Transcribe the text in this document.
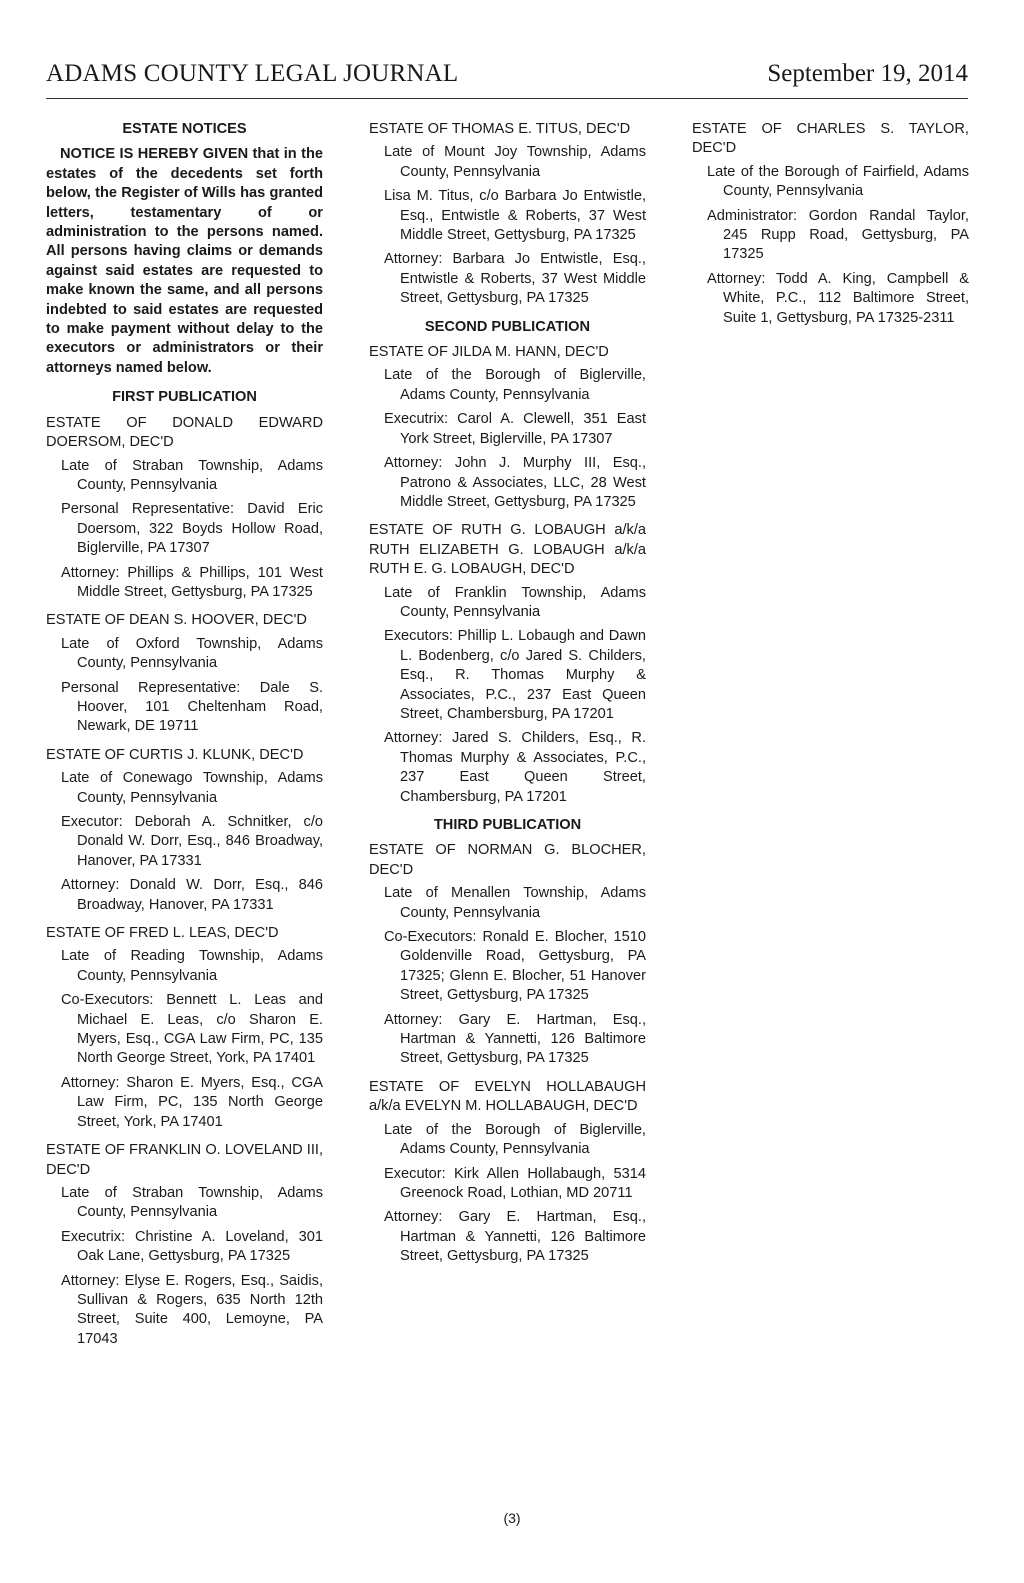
ADAMS COUNTY LEGAL JOURNAL	September 19, 2014
ESTATE NOTICES
NOTICE IS HEREBY GIVEN that in the estates of the decedents set forth below, the Register of Wills has granted letters, testamentary of or administration to the persons named. All persons having claims or demands against said estates are requested to make known the same, and all persons indebted to said estates are requested to make payment without delay to the executors or administrators or their attorneys named below.
FIRST PUBLICATION
ESTATE OF DONALD EDWARD DOERSOM, DEC'D
Late of Straban Township, Adams County, Pennsylvania
Personal Representative: David Eric Doersom, 322 Boyds Hollow Road, Biglerville, PA 17307
Attorney: Phillips & Phillips, 101 West Middle Street, Gettysburg, PA 17325
ESTATE OF DEAN S. HOOVER, DEC'D
Late of Oxford Township, Adams County, Pennsylvania
Personal Representative: Dale S. Hoover, 101 Cheltenham Road, Newark, DE 19711
ESTATE OF CURTIS J. KLUNK, DEC'D
Late of Conewago Township, Adams County, Pennsylvania
Executor: Deborah A. Schnitker, c/o Donald W. Dorr, Esq., 846 Broadway, Hanover, PA 17331
Attorney: Donald W. Dorr, Esq., 846 Broadway, Hanover, PA 17331
ESTATE OF FRED L. LEAS, DEC'D
Late of Reading Township, Adams County, Pennsylvania
Co-Executors: Bennett L. Leas and Michael E. Leas, c/o Sharon E. Myers, Esq., CGA Law Firm, PC, 135 North George Street, York, PA 17401
Attorney: Sharon E. Myers, Esq., CGA Law Firm, PC, 135 North George Street, York, PA 17401
ESTATE OF FRANKLIN O. LOVELAND III, DEC'D
Late of Straban Township, Adams County, Pennsylvania
Executrix: Christine A. Loveland, 301 Oak Lane, Gettysburg, PA 17325
Attorney: Elyse E. Rogers, Esq., Saidis, Sullivan & Rogers, 635 North 12th Street, Suite 400, Lemoyne, PA 17043
ESTATE OF THOMAS E. TITUS, DEC'D
Late of Mount Joy Township, Adams County, Pennsylvania
Lisa M. Titus, c/o Barbara Jo Entwistle, Esq., Entwistle & Roberts, 37 West Middle Street, Gettysburg, PA 17325
Attorney: Barbara Jo Entwistle, Esq., Entwistle & Roberts, 37 West Middle Street, Gettysburg, PA 17325
SECOND PUBLICATION
ESTATE OF JILDA M. HANN, DEC'D
Late of the Borough of Biglerville, Adams County, Pennsylvania
Executrix: Carol A. Clewell, 351 East York Street, Biglerville, PA 17307
Attorney: John J. Murphy III, Esq., Patrono & Associates, LLC, 28 West Middle Street, Gettysburg, PA 17325
ESTATE OF RUTH G. LOBAUGH a/k/a RUTH ELIZABETH G. LOBAUGH a/k/a RUTH E. G. LOBAUGH, DEC'D
Late of Franklin Township, Adams County, Pennsylvania
Executors: Phillip L. Lobaugh and Dawn L. Bodenberg, c/o Jared S. Childers, Esq., R. Thomas Murphy & Associates, P.C., 237 East Queen Street, Chambersburg, PA 17201
Attorney: Jared S. Childers, Esq., R. Thomas Murphy & Associates, P.C., 237 East Queen Street, Chambersburg, PA 17201
THIRD PUBLICATION
ESTATE OF NORMAN G. BLOCHER, DEC'D
Late of Menallen Township, Adams County, Pennsylvania
Co-Executors: Ronald E. Blocher, 1510 Goldenville Road, Gettysburg, PA 17325; Glenn E. Blocher, 51 Hanover Street, Gettysburg, PA 17325
Attorney: Gary E. Hartman, Esq., Hartman & Yannetti, 126 Baltimore Street, Gettysburg, PA 17325
ESTATE OF EVELYN HOLLABAUGH a/k/a EVELYN M. HOLLABAUGH, DEC'D
Late of the Borough of Biglerville, Adams County, Pennsylvania
Executor: Kirk Allen Hollabaugh, 5314 Greenock Road, Lothian, MD 20711
Attorney: Gary E. Hartman, Esq., Hartman & Yannetti, 126 Baltimore Street, Gettysburg, PA 17325
ESTATE OF CHARLES S. TAYLOR, DEC'D
Late of the Borough of Fairfield, Adams County, Pennsylvania
Administrator: Gordon Randal Taylor, 245 Rupp Road, Gettysburg, PA 17325
Attorney: Todd A. King, Campbell & White, P.C., 112 Baltimore Street, Suite 1, Gettysburg, PA 17325-2311
(3)
